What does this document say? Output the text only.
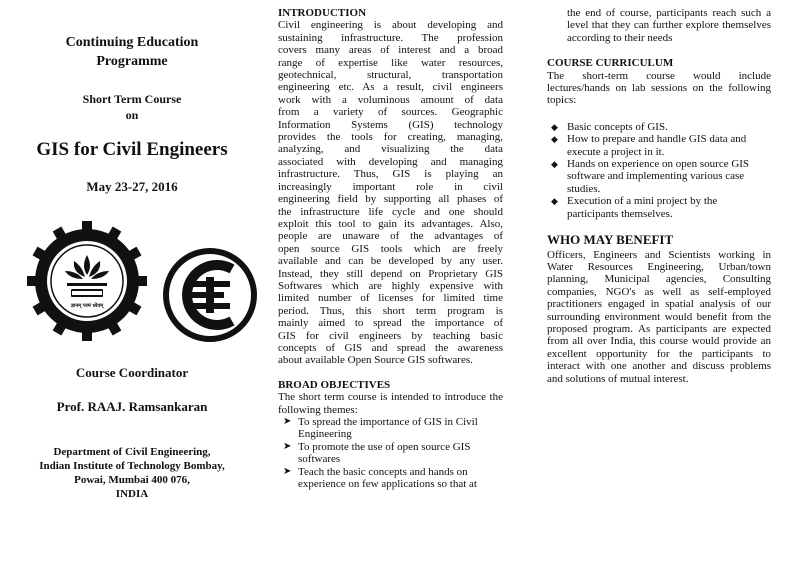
Continuing Education
Programme
Short Term Course
on
GIS for Civil Engineers
May 23-27, 2016
ज्ञानम् परमं ध्येयम्
Course Coordinator
Prof. RAAJ. Ramsankaran
Department of Civil Engineering,
Indian Institute of Technology Bombay,
Powai, Mumbai 400 076,
INDIA
INTRODUCTION
Civil engineering is about developing and
sustaining infrastructure. The profession
covers many areas of interest and a broad
range of expertise like water resources,
geotechnical, structural, transportation
engineering etc. As a result, civil engineers
work with a voluminous amount of data
from a variety of sources. Geographic
Information Systems (GIS) technology
provides the tools for creating, managing,
analyzing, and visualizing the data
associated with developing and managing
infrastructure. Thus, GIS is playing an
increasingly important role in civil
engineering field by supporting all phases of
the infrastructure life cycle and one should
exploit this tool to gain its advantages. Also,
people are unaware of the advantages of
open source GIS tools which are freely
available and can be developed by any user.
Instead, they still depend on Proprietary GIS
Softwares which are highly expensive with
limited number of licenses for limited time
period. Thus, this short term program is
mainly aimed to spread the importance of
GIS for civil engineers by teaching basic
concepts of GIS and spread the awareness
about available Open Source GIS softwares.
BROAD OBJECTIVES

The short term course is intended to introduce the following themes:

➤ To spread the importance of GIS in Civil Engineering
➤ To promote the use of open source GIS softwares
➤ Teach the basic concepts and hands on experience on few applications so that at

the end of course, participants reach such a level that they can further explore themselves according to their needs

COURSE CURRICULUM

The short-term course would include lectures/hands on lab sessions on the following topics:

◆ Basic concepts of GIS.
◆ How to prepare and handle GIS data and execute a project in it.
◆ Hands on experience on open source GIS software and implementing various case studies.
◆ Execution of a mini project by the participants themselves.
WHO MAY BENEFIT

Officers, Engineers and Scientists working in Water Resources Engineering, Urban/town planning, Municipal agencies, Consulting companies, NGO's as well as self-employed practitioners engaged in spatial analysis of our surrounding environment would benefit from the proposed program. As participants are expected from all over India, this course would provide an excellent opportunity for the participants to interact with one another and discuss problems and solutions of mutual interest.
